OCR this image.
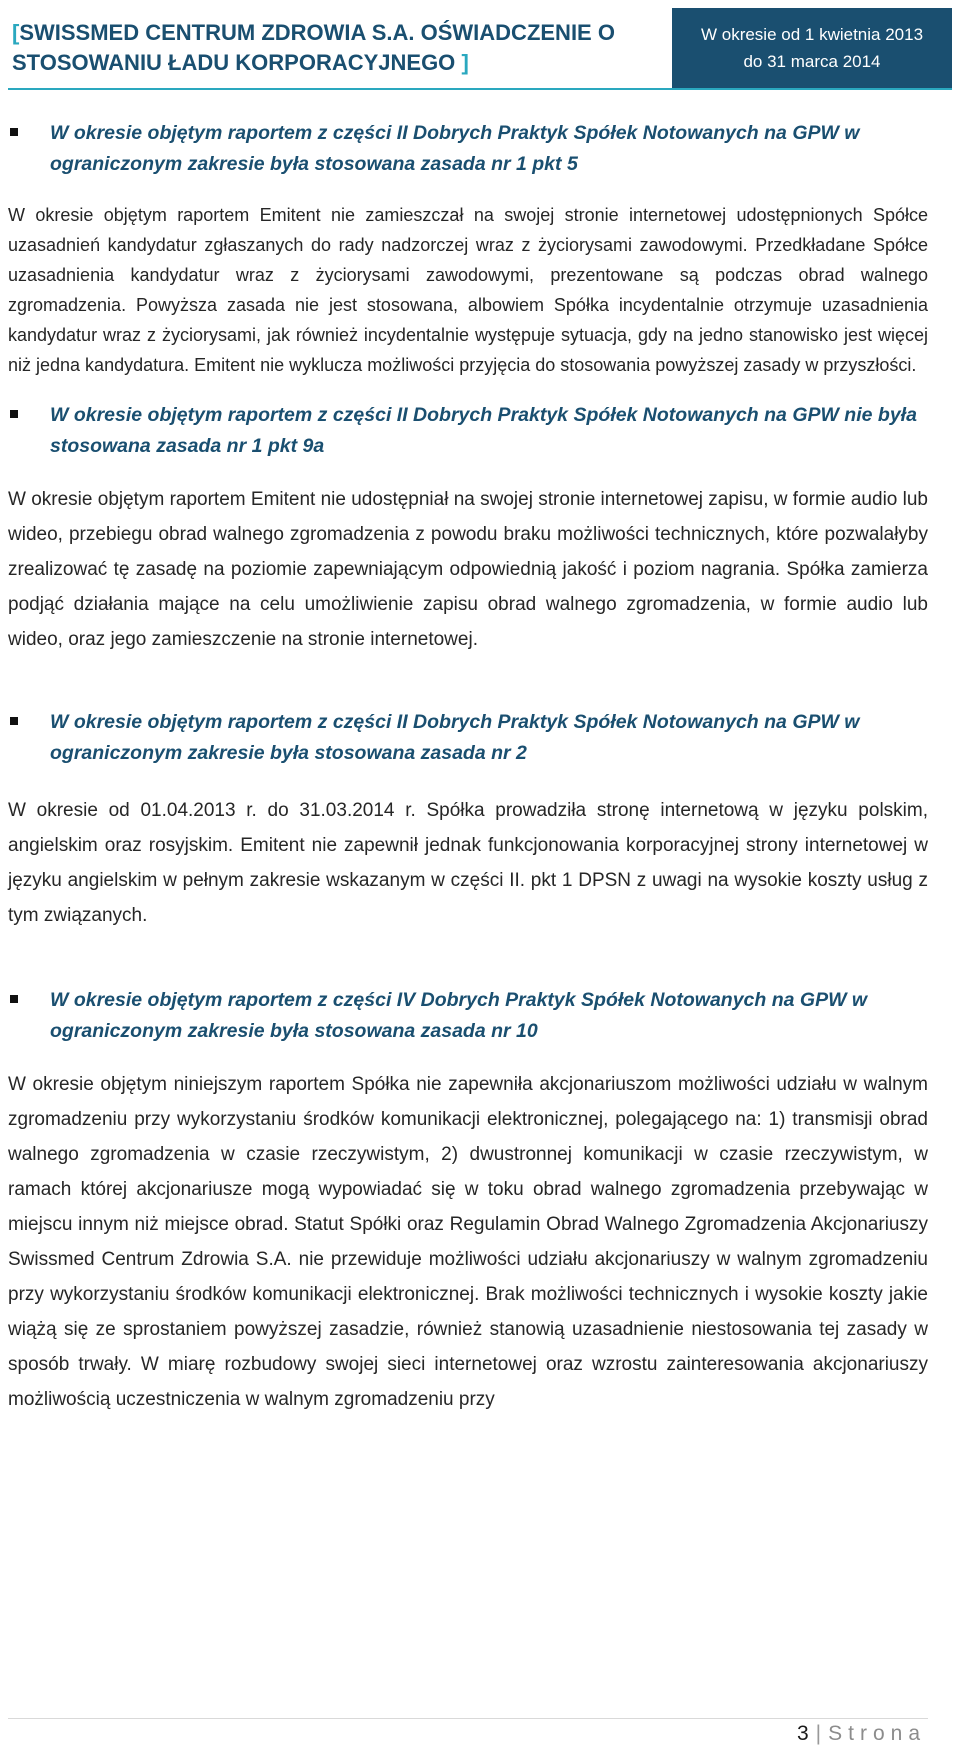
[SWISSMED CENTRUM ZDROWIA S.A. OŚWIADCZENIE O
STOSOWANIU ŁADU KORPORACYJNEGO ]
W okresie od 1 kwietnia 2013
do 31 marca 2014

W okresie objętym raportem z części II Dobrych Praktyk Spółek Notowanych na GPW w ograniczonym zakresie była stosowana zasada nr 1 pkt 5

W okresie objętym raportem Emitent nie zamieszczał na swojej stronie internetowej udostępnionych Spółce uzasadnień kandydatur zgłaszanych do rady nadzorczej wraz z życiorysami zawodowymi. Przedkładane Spółce uzasadnienia kandydatur wraz z życiorysami zawodowymi, prezentowane są podczas obrad walnego zgromadzenia. Powyższa zasada nie jest stosowana, albowiem Spółka incydentalnie otrzymuje uzasadnienia kandydatur wraz z życiorysami, jak również incydentalnie występuje sytuacja, gdy na jedno stanowisko jest więcej niż jedna kandydatura. Emitent nie wyklucza możliwości przyjęcia do stosowania powyższej zasady w przyszłości.

W okresie objętym raportem z części II Dobrych Praktyk Spółek Notowanych na GPW nie była stosowana zasada nr 1 pkt 9a

W okresie objętym raportem Emitent nie udostępniał na swojej stronie internetowej zapisu, w formie audio lub wideo, przebiegu obrad walnego zgromadzenia z powodu braku możliwości technicznych, które pozwalałyby zrealizować tę zasadę na poziomie zapewniającym odpowiednią jakość i poziom nagrania. Spółka zamierza podjąć działania mające na celu umożliwienie zapisu obrad walnego zgromadzenia, w formie audio lub wideo, oraz jego zamieszczenie na stronie internetowej.

W okresie objętym raportem z części II Dobrych Praktyk Spółek Notowanych na GPW w ograniczonym zakresie była stosowana zasada nr 2

W okresie od 01.04.2013 r. do 31.03.2014 r. Spółka prowadziła stronę internetową w języku polskim, angielskim oraz rosyjskim. Emitent nie zapewnił jednak funkcjonowania korporacyjnej strony internetowej w języku angielskim w pełnym zakresie wskazanym w części II. pkt 1 DPSN z uwagi na wysokie koszty usług z tym związanych.

W okresie objętym raportem z części IV Dobrych Praktyk Spółek Notowanych na GPW w ograniczonym zakresie była stosowana zasada nr 10

W okresie objętym niniejszym raportem Spółka nie zapewniła akcjonariuszom możliwości udziału w walnym zgromadzeniu przy wykorzystaniu środków komunikacji elektronicznej, polegającego na: 1) transmisji obrad walnego zgromadzenia w czasie rzeczywistym, 2) dwustronnej komunikacji w czasie rzeczywistym, w ramach której akcjonariusze mogą wypowiadać się w toku obrad walnego zgromadzenia przebywając w miejscu innym niż miejsce obrad. Statut Spółki oraz Regulamin Obrad Walnego Zgromadzenia Akcjonariuszy Swissmed Centrum Zdrowia S.A. nie przewiduje możliwości udziału akcjonariuszy w walnym zgromadzeniu przy wykorzystaniu środków komunikacji elektronicznej. Brak możliwości technicznych i wysokie koszty jakie wiążą się ze sprostaniem powyższej zasadzie, również stanowią uzasadnienie niestosowania tej zasady w sposób trwały. W miarę rozbudowy swojej sieci internetowej oraz wzrostu zainteresowania akcjonariuszy możliwością uczestniczenia w walnym zgromadzeniu przy

3 | Strona
